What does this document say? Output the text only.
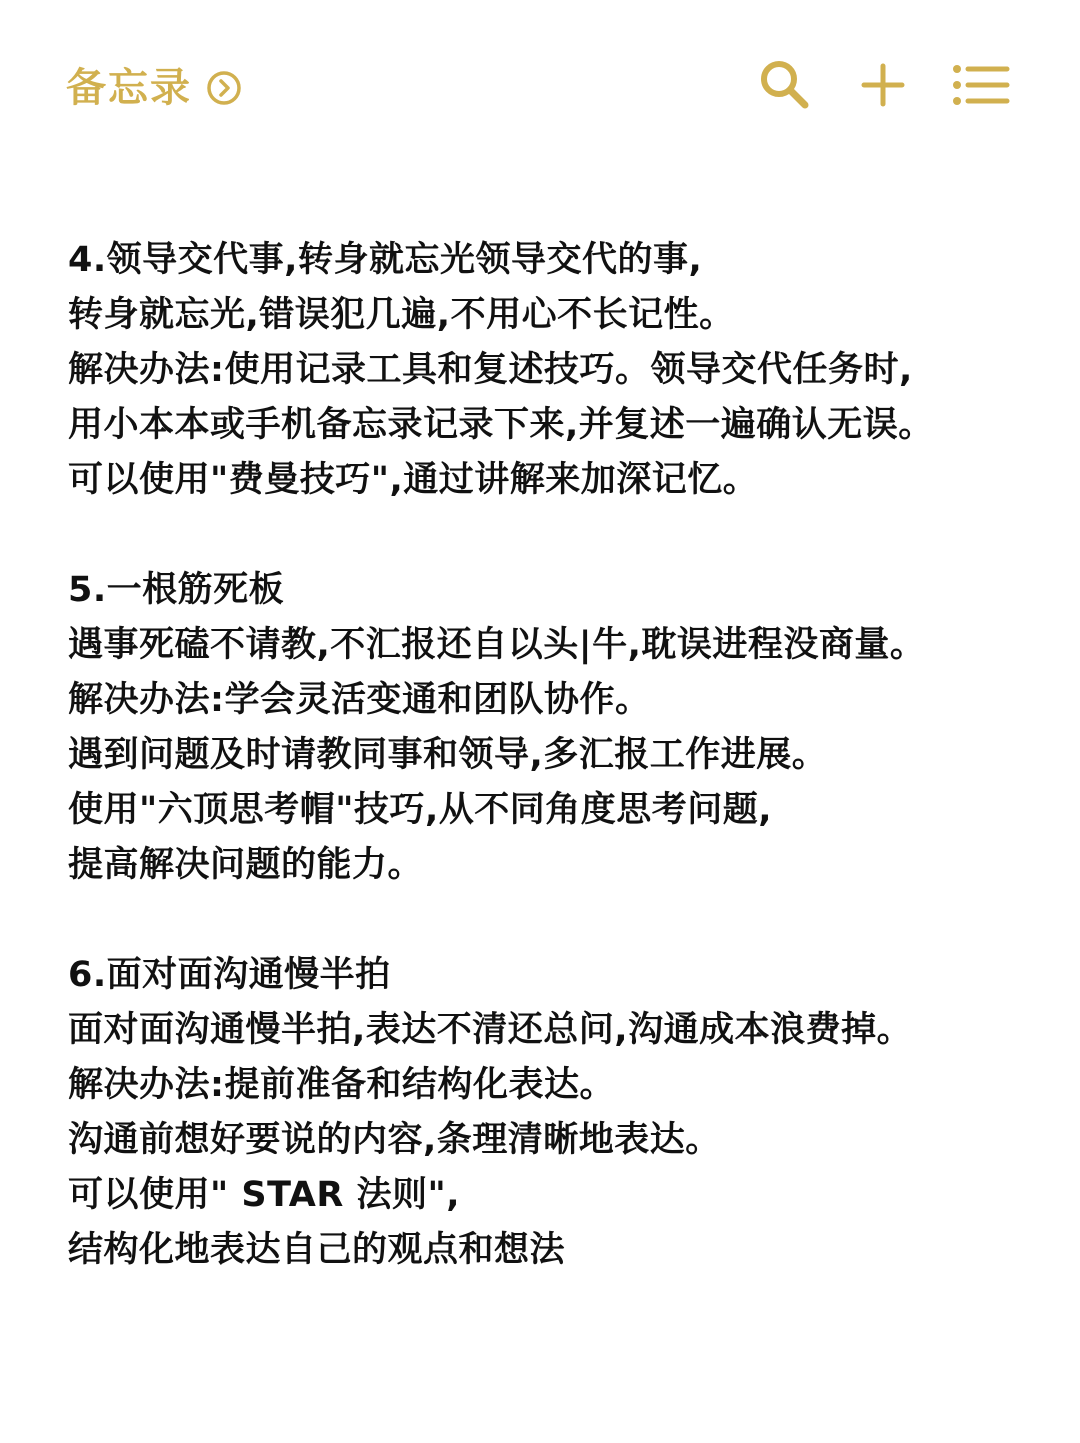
备忘录
4.领导交代事,转身就忘光领导交代的事,
转身就忘光,错误犯几遍,不用心不长记性。
解决办法:使用记录工具和复述技巧。领导交代任务时,
用小本本或手机备忘录记录下来,并复述一遍确认无误。
可以使用"费曼技巧",通过讲解来加深记忆。
5.一根筋死板
遇事死磕不请教,不汇报还自以头|牛,耽误进程没商量。
解决办法:学会灵活变通和团队协作。
遇到问题及时请教同事和领导,多汇报工作进展。
使用"六顶思考帽"技巧,从不同角度思考问题,
提高解决问题的能力。
6.面对面沟通慢半拍
面对面沟通慢半拍,表达不清还总问,沟通成本浪费掉。
解决办法:提前准备和结构化表达。
沟通前想好要说的内容,条理清晰地表达。
可以使用" STAR 法则",
结构化地表达自己的观点和想法
